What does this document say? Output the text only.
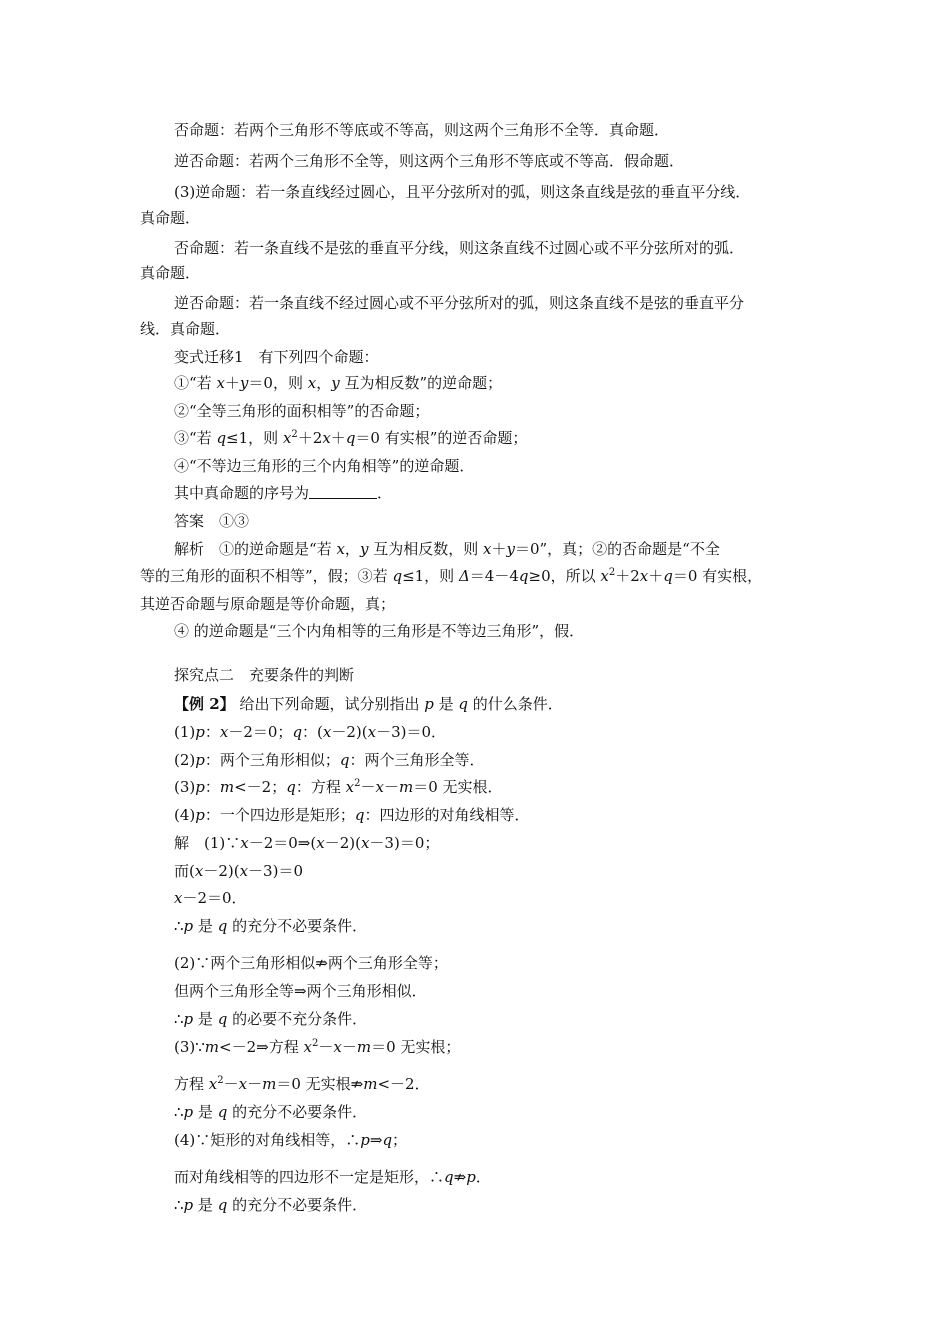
否命题：若两个三角形不等底或不等高，则这两个三角形不全等．真命题．
逆否命题：若两个三角形不全等，则这两个三角形不等底或不等高．假命题．
(3)逆命题：若一条直线经过圆心，且平分弦所对的弧，则这条直线是弦的垂直平分线．
真命题．
否命题：若一条直线不是弦的垂直平分线，则这条直线不过圆心或不平分弦所对的弧．
真命题．
逆否命题：若一条直线不经过圆心或不平分弦所对的弧，则这条直线不是弦的垂直平分
线．真命题．
变式迁移1　有下列四个命题：
①“若 x＋y＝0，则 x，y 互为相反数”的逆命题；
②“全等三角形的面积相等”的否命题；
③“若 q≤1，则 $x^2+2x+q=0$ 有实根”的逆否命题；
④“不等边三角形的三个内角相等”的逆命题．
其中真命题的序号为	．
答案　①③
解析　①的逆命题是“若 x，y 互为相反数，则 x＋y＝0”，真；②的否命题是“不全
等的三角形的面积不相等”，假；③若 q≤1，则 Δ＝4－4q≥0，所以 $x^2+2x+q=0$ 有实根，
其逆否命题与原命题是等价命题，真；
④ 的逆命题是“三个内角相等的三角形是不等边三角形”，假．
探究点二　充要条件的判断
【例 2】 给出下列命题，试分别指出 p 是 q 的什么条件．
(1)p：x－2＝0；q：(x－2)(x－3)＝0．
(2)p：两个三角形相似；q：两个三角形全等．
(3)p：m<－2；q：方程 $x^2-x-m=0$ 无实根．
(4)p：一个四边形是矩形；q：四边形的对角线相等．
解　(1)∵x－2＝0⇒(x－2)(x－3)＝0；
而(x－2)(x－3)＝0
x－2＝0．
∴p 是 q 的充分不必要条件．
(2)∵两个三角形相似⇏两个三角形全等；
但两个三角形全等⇒两个三角形相似．
∴p 是 q 的必要不充分条件．
(3)∵m<－2⇒方程 $x^2-x-m=0$ 无实根；
方程 $x^2-x-m=0$ 无实根⇏m<－2．
∴p 是 q 的充分不必要条件．
(4)∵矩形的对角线相等，∴p⇒q；
而对角线相等的四边形不一定是矩形，∴q⇏p．
∴p 是 q 的充分不必要条件．
